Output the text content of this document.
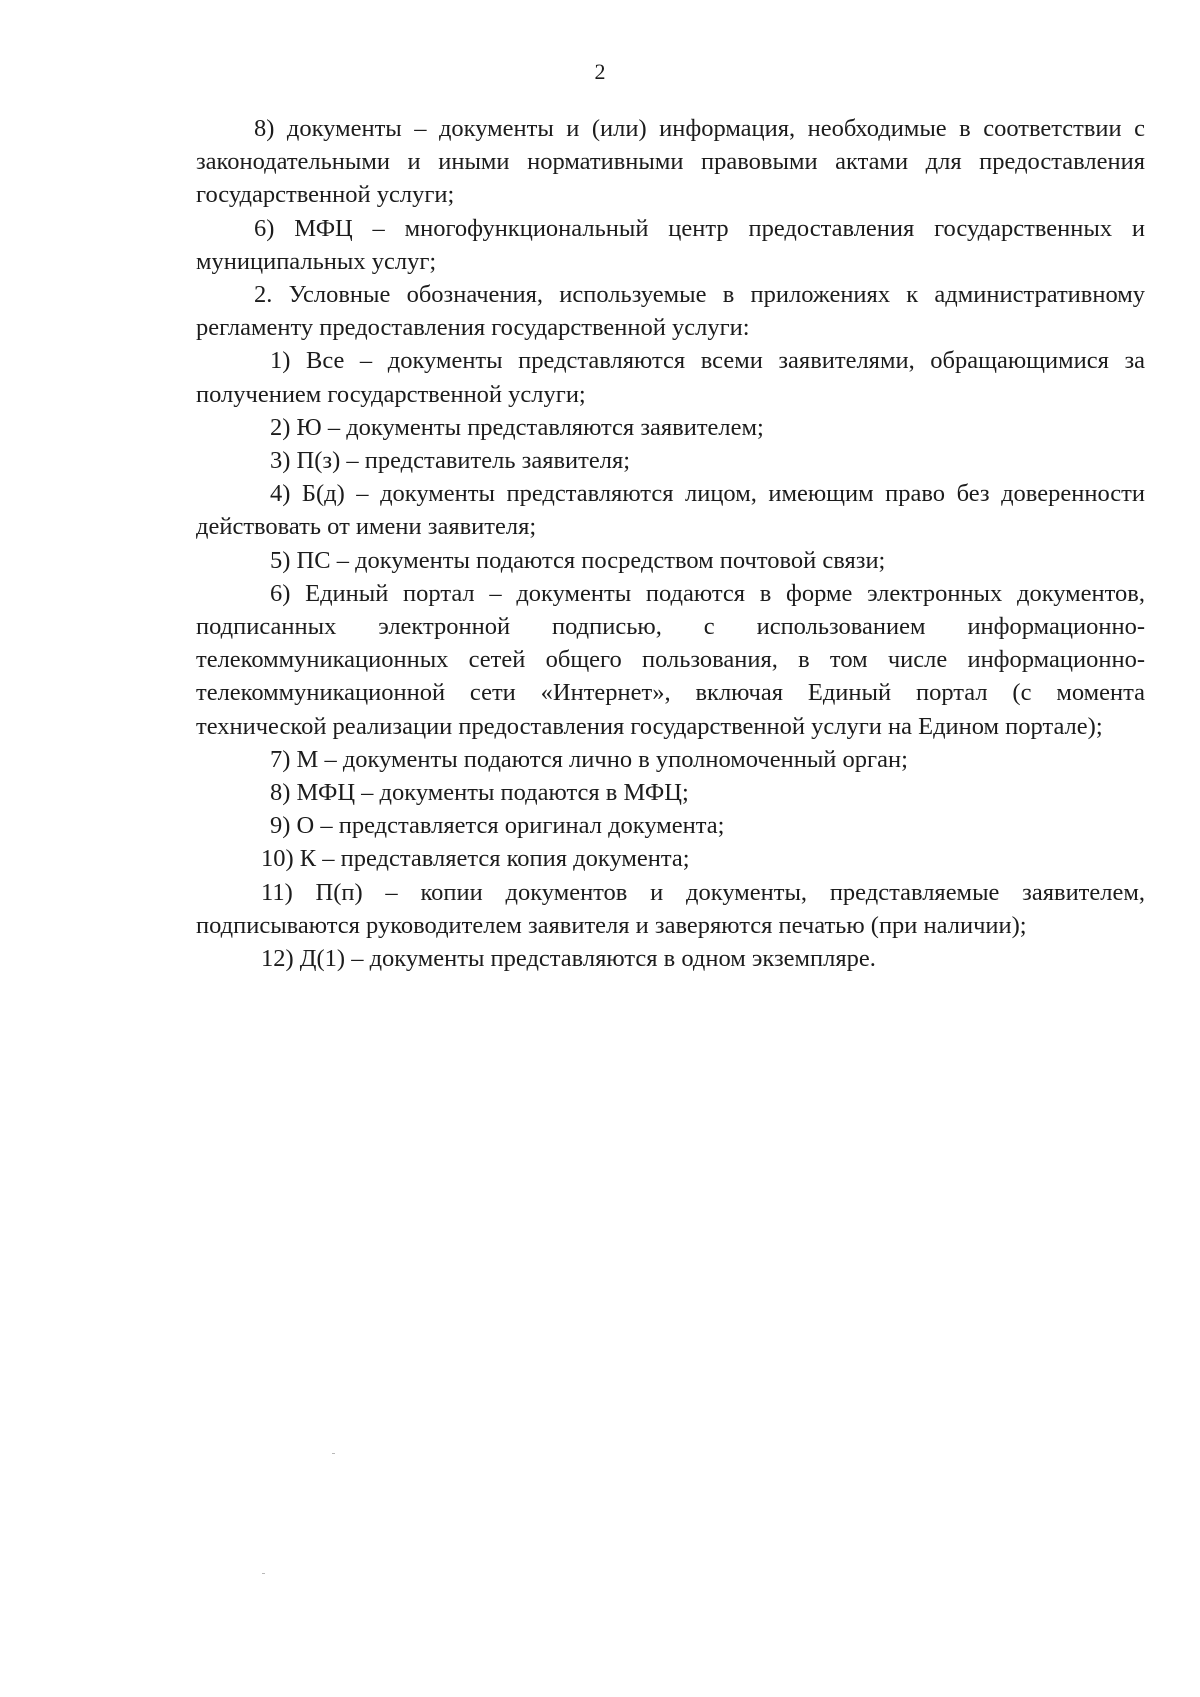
2

8) документы – документы и (или) информация, необходимые в соответствии с законодательными и иными нормативными правовыми актами для предоставления государственной услуги;

6) МФЦ – многофункциональный центр предоставления государственных и муниципальных услуг;

2. Условные обозначения, используемые в приложениях к административному регламенту предоставления государственной услуги:

1) Все – документы представляются всеми заявителями, обращающимися за получением государственной услуги;

2) Ю – документы представляются заявителем;

3) П(з) – представитель заявителя;

4) Б(д) – документы представляются лицом, имеющим право без доверенности действовать от имени заявителя;

5) ПС – документы подаются посредством почтовой связи;

6) Единый портал – документы подаются в форме электронных документов, подписанных электронной подписью, с использованием информационно-телекоммуникационных сетей общего пользования, в том числе информационно-телекоммуникационной сети «Интернет», включая Единый портал (с момента технической реализации предоставления государственной услуги на Едином портале);

7) М – документы подаются лично в уполномоченный орган;

8) МФЦ – документы подаются в МФЦ;

9) О – представляется оригинал документа;

10) К – представляется копия документа;

11) П(п) – копии документов и документы, представляемые заявителем, подписываются руководителем заявителя и заверяются печатью (при наличии);

12) Д(1) – документы представляются в одном экземпляре.
